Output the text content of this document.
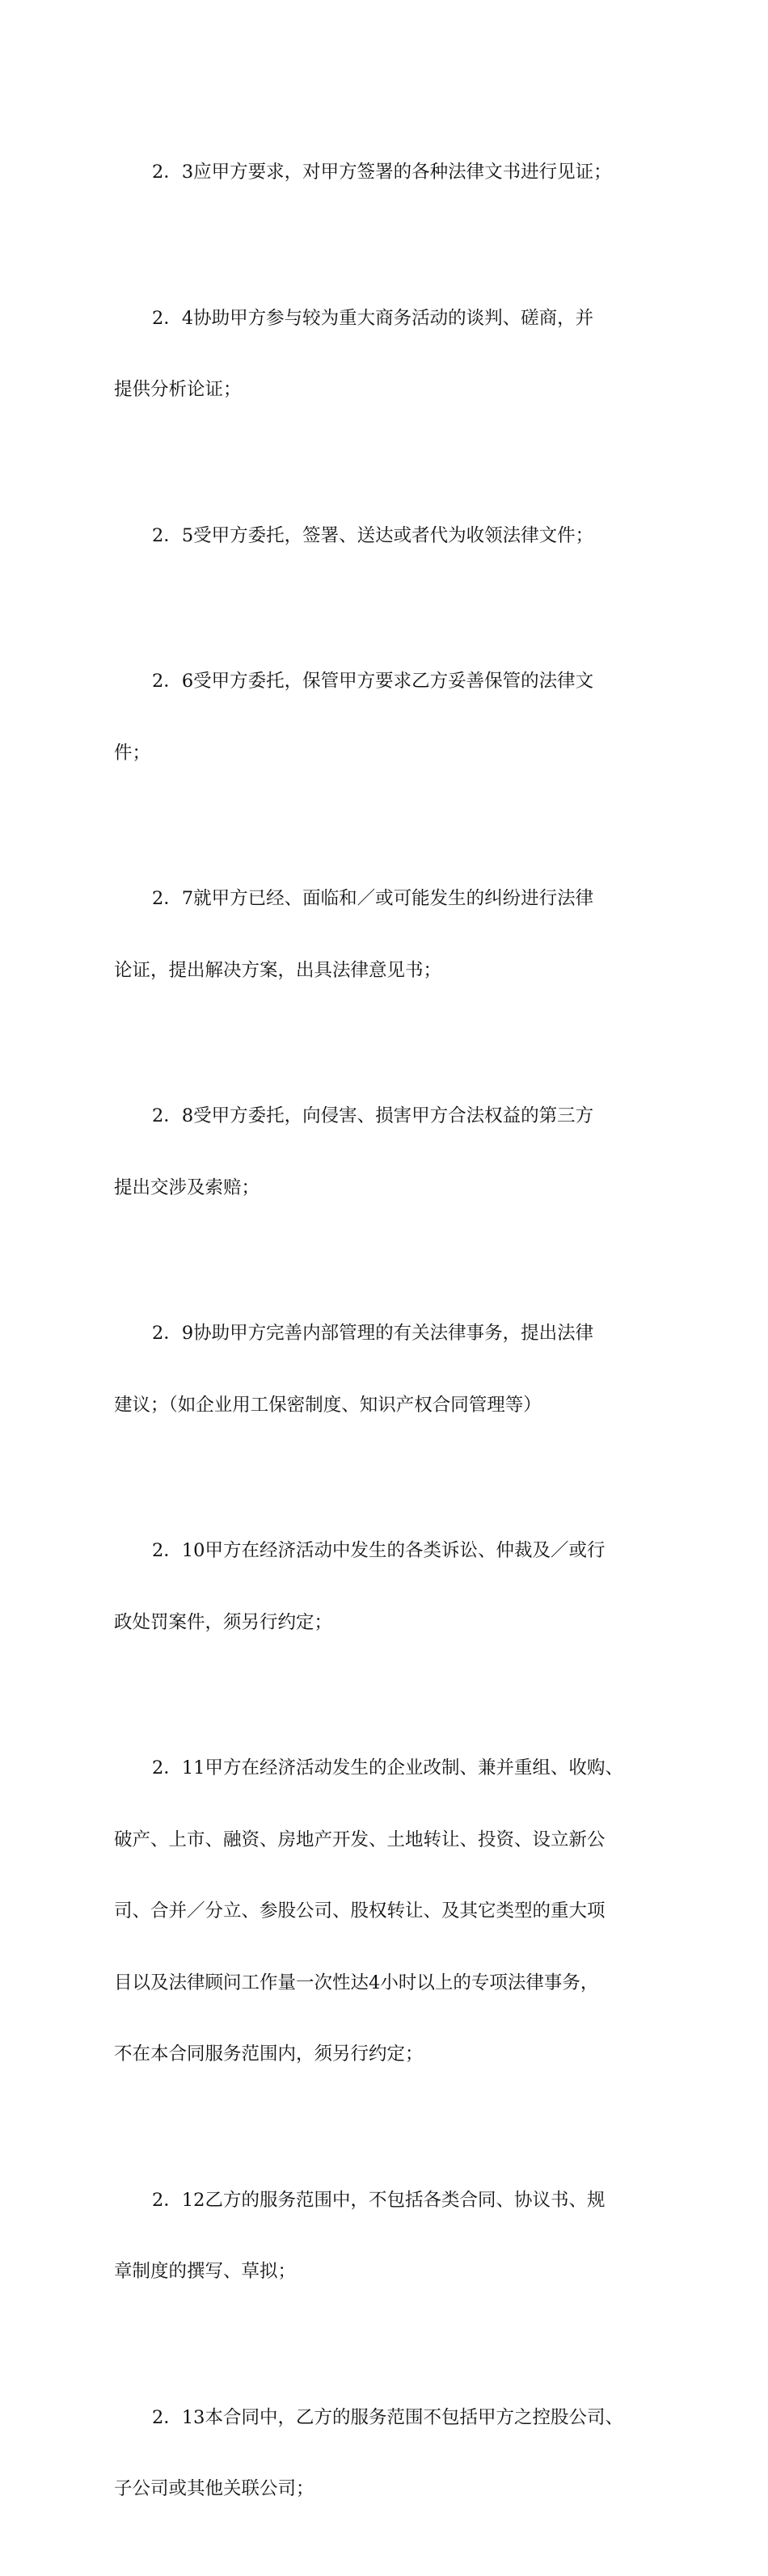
2．3应甲方要求，对甲方签署的各种法律文书进行见证；

2．4协助甲方参与较为重大商务活动的谈判、磋商，并

提供分析论证；

2．5受甲方委托，签署、送达或者代为收领法律文件；

2．6受甲方委托，保管甲方要求乙方妥善保管的法律文

件；

2．7就甲方已经、面临和／或可能发生的纠纷进行法律

论证，提出解决方案，出具法律意见书；

2．8受甲方委托，向侵害、损害甲方合法权益的第三方

提出交涉及索赔；

2．9协助甲方完善内部管理的有关法律事务，提出法律

建议；（如企业用工保密制度、知识产权合同管理等）

2．10甲方在经济活动中发生的各类诉讼、仲裁及／或行

政处罚案件，须另行约定；

2．11甲方在经济活动发生的企业改制、兼并重组、收购、

破产、上市、融资、房地产开发、土地转让、投资、设立新公

司、合并／分立、参股公司、股权转让、及其它类型的重大项

目以及法律顾问工作量一次性达4小时以上的专项法律事务，

不在本合同服务范围内，须另行约定；

2．12乙方的服务范围中，不包括各类合同、协议书、规

章制度的撰写、草拟；

2．13本合同中，乙方的服务范围不包括甲方之控股公司、

子公司或其他关联公司；
